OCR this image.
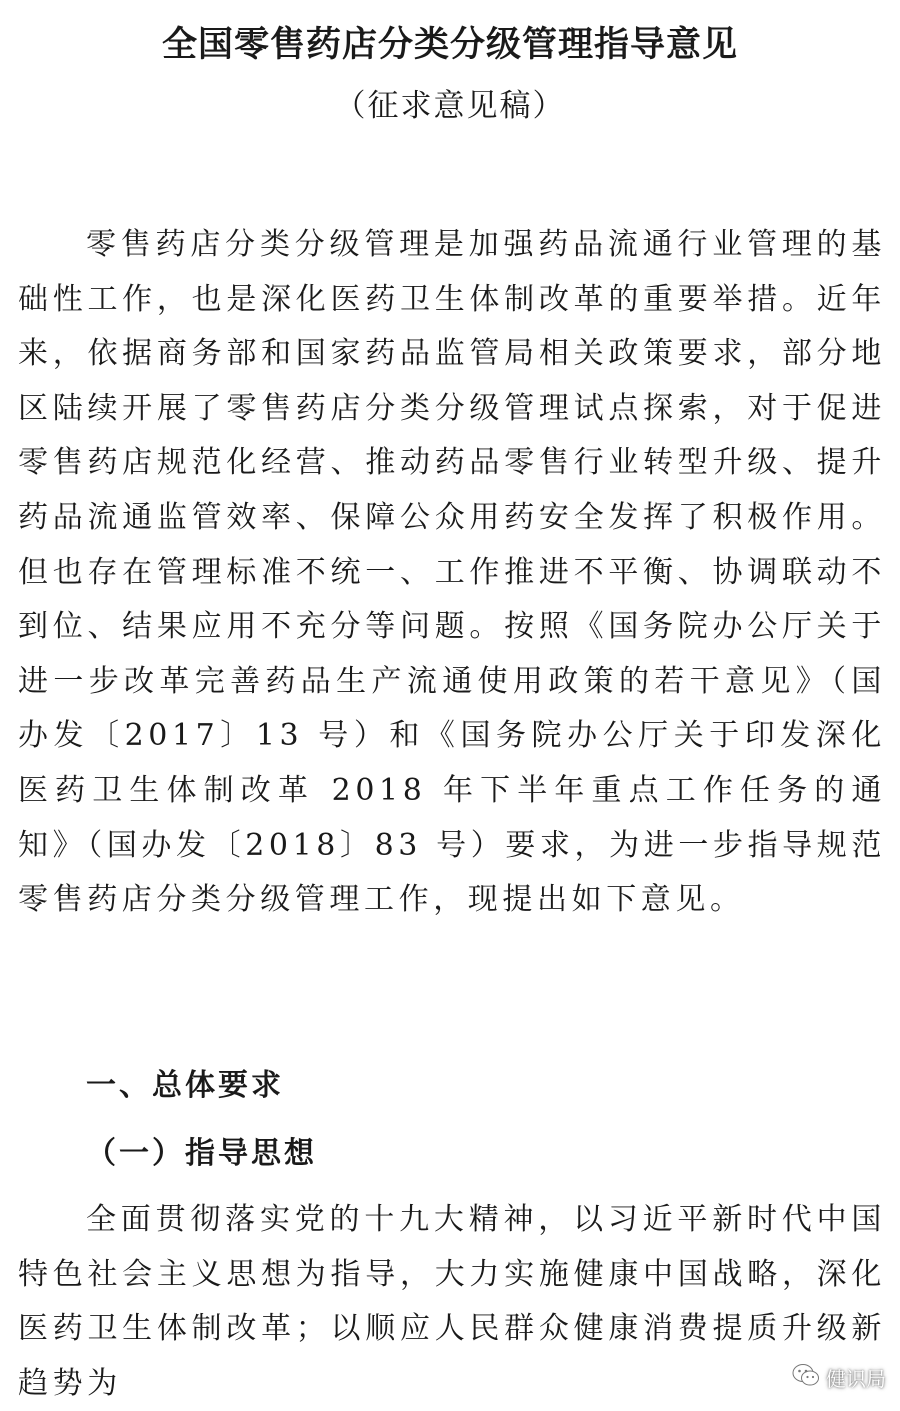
全国零售药店分类分级管理指导意见

（征求意见稿）

零售药店分类分级管理是加强药品流通行业管理的基础性工作，也是深化医药卫生体制改革的重要举措。近年来，依据商务部和国家药品监管局相关政策要求，部分地区陆续开展了零售药店分类分级管理试点探索，对于促进零售药店规范化经营、推动药品零售行业转型升级、提升药品流通监管效率、保障公众用药安全发挥了积极作用。但也存在管理标准不统一、工作推进不平衡、协调联动不到位、结果应用不充分等问题。按照《国务院办公厅关于进一步改革完善药品生产流通使用政策的若干意见》（国办发〔2017〕13 号）和《国务院办公厅关于印发深化医药卫生体制改革 2018 年下半年重点工作任务的通知》（国办发〔2018〕83 号）要求，为进一步指导规范零售药店分类分级管理工作，现提出如下意见。

一、总体要求
（一）指导思想

全面贯彻落实党的十九大精神，以习近平新时代中国特色社会主义思想为指导，大力实施健康中国战略，深化医药卫生体制改革；以顺应人民群众健康消费提质升级新趋势为	健识局
